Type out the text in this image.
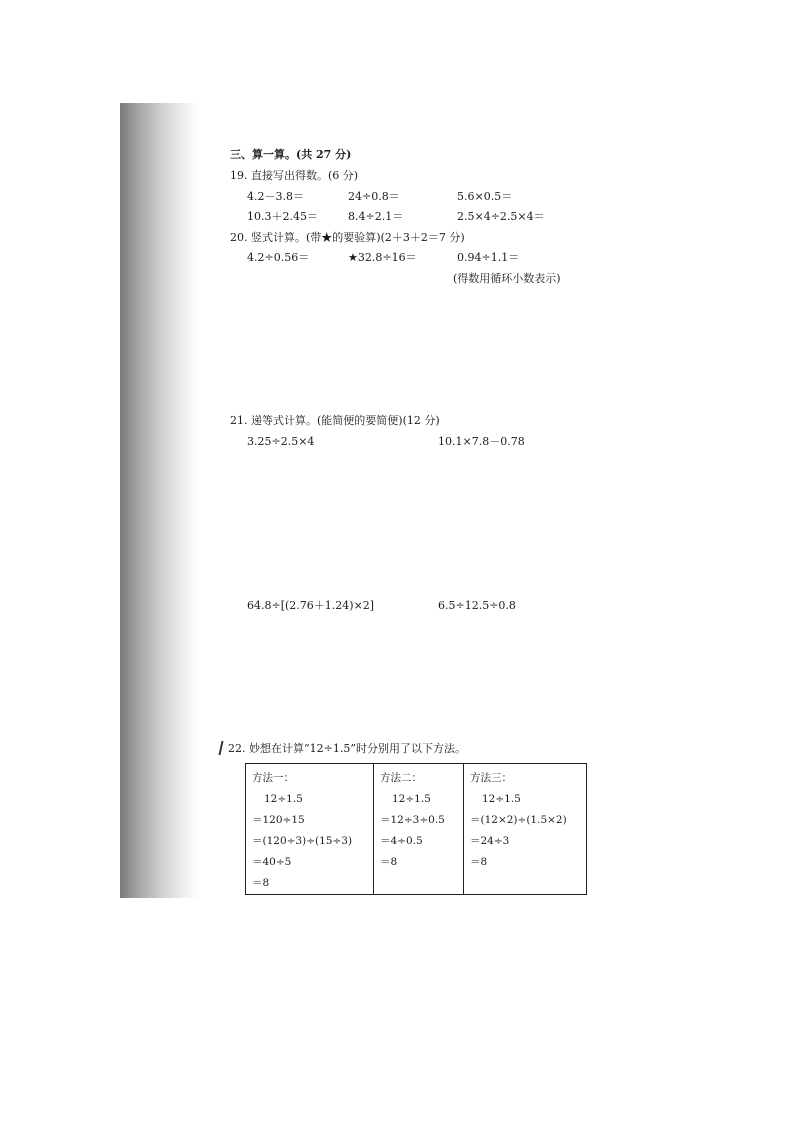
三、算一算。(共 27 分)
19. 直接写出得数。(6 分)
4.2－3.8＝	24÷0.8＝	5.6×0.5＝
10.3＋2.45＝	8.4÷2.1＝	2.5×4÷2.5×4＝
20. 竖式计算。(带★的要验算)(2＋3＋2＝7 分)
4.2÷0.56＝	★32.8÷16＝	0.94÷1.1＝
(得数用循环小数表示)
21. 递等式计算。(能简便的要简便)(12 分)
3.25÷2.5×4	10.1×7.8－0.78
64.8÷[(2.76＋1.24)×2]	6.5÷12.5÷0.8
22. 妙想在计算“12÷1.5”时分别用了以下方法。
方法一：
12÷1.5
＝120÷15
＝(120÷3)÷(15÷3)
＝40÷5
＝8

方法二：
12÷1.5
＝12÷3÷0.5
＝4÷0.5
＝8

方法三：
12÷1.5
＝(12×2)÷(1.5×2)
＝24÷3
＝8
